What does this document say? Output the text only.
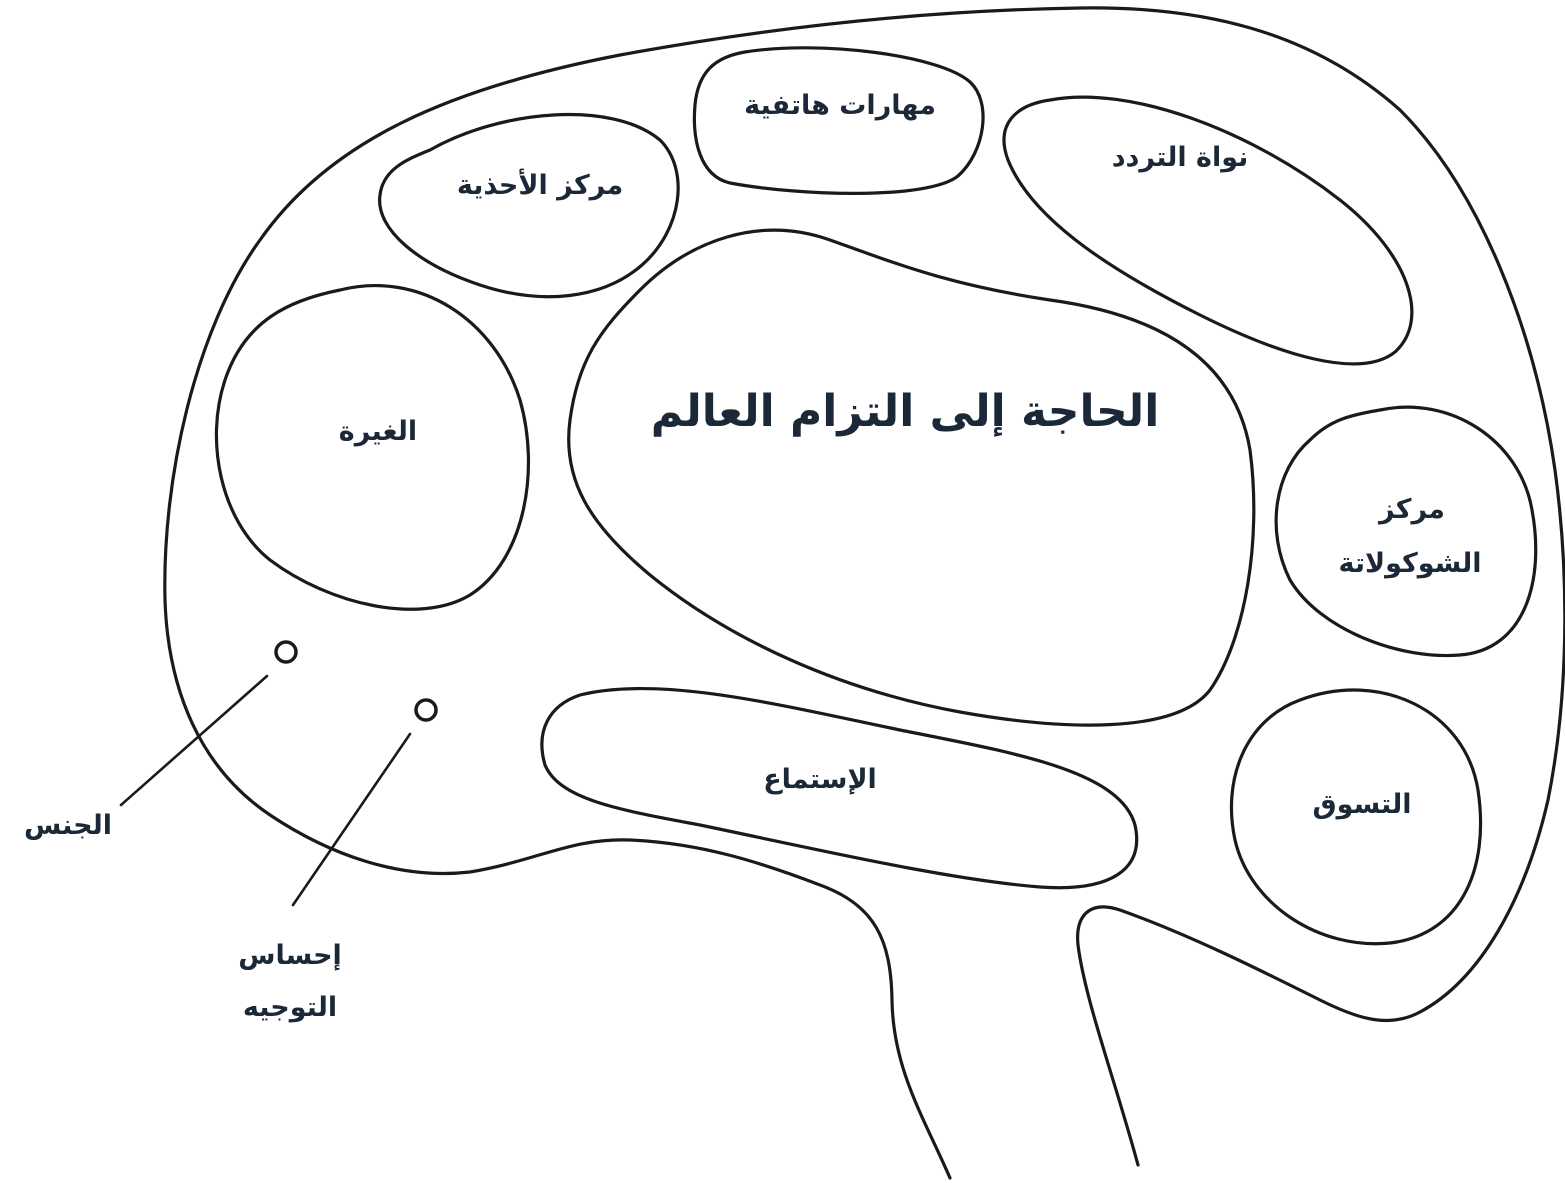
مهارات هاتفية
مركز الأحذية
نواة التردد
الحاجة إلى التزام العالم
الغيرة
مركز
الشوكولاتة
الإستماع
التسوق
الجنس
إحساس
التوجيه
